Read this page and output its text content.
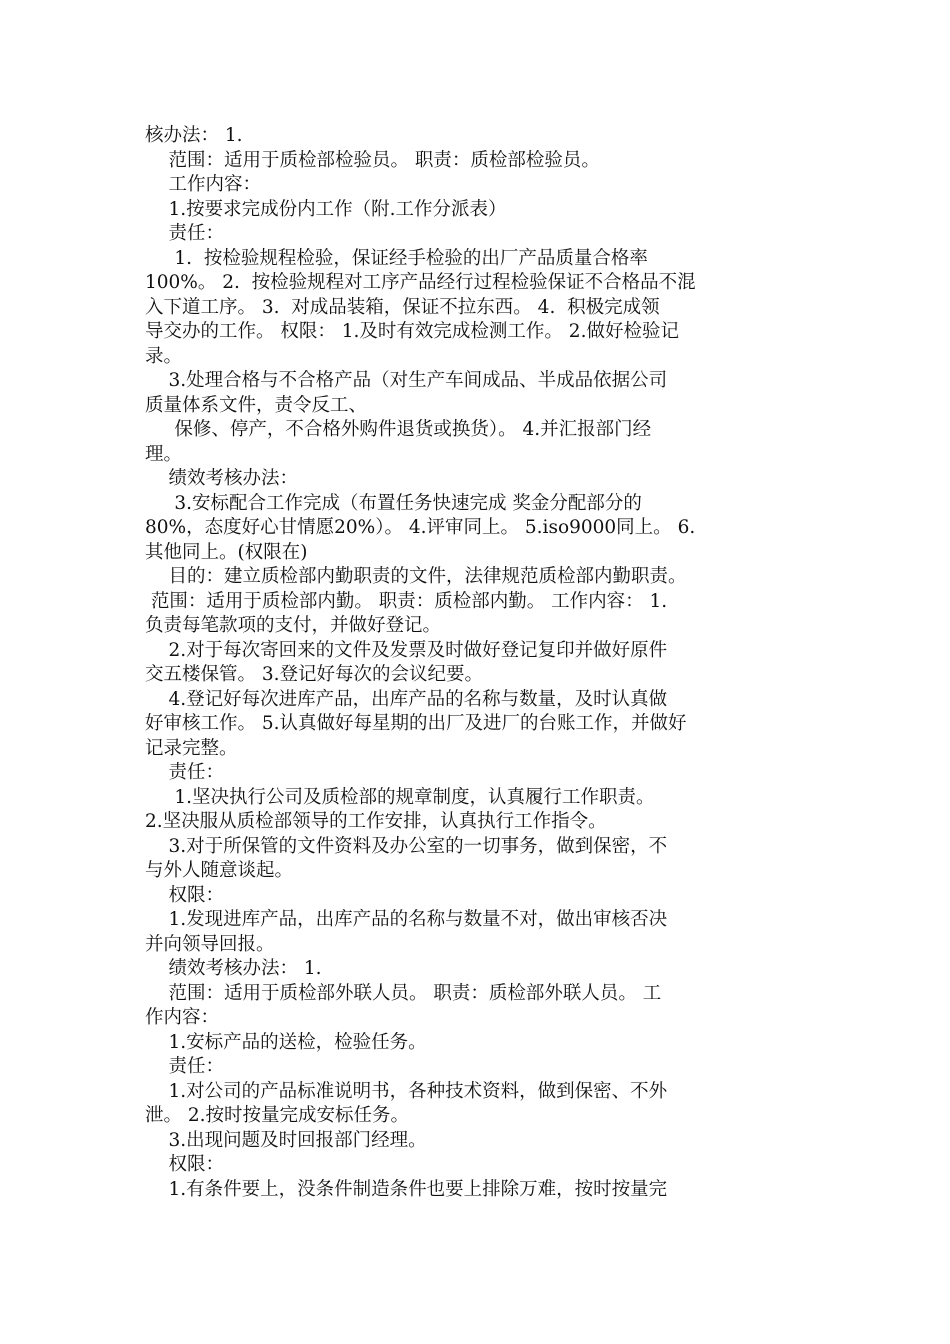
核办法： 1.
范围：适用于质检部检验员。 职责：质检部检验员。
工作内容：
1.按要求完成份内工作（附.工作分派表）
责任：
1.  按检验规程检验，保证经手检验的出厂产品质量合格率
100%。 2.  按检验规程对工序产品经行过程检验保证不合格品不混
入下道工序。 3.  对成品装箱，保证不拉东西。 4.  积极完成领
导交办的工作。 权限： 1.及时有效完成检测工作。 2.做好检验记
录。
3.处理合格与不合格产品（对生产车间成品、半成品依据公司
质量体系文件，责令反工、
保修、停产，不合格外购件退货或换货）。 4.并汇报部门经
理。
绩效考核办法：
3.安标配合工作完成（布置任务快速完成 奖金分配部分的
80%，态度好心甘情愿20%）。 4.评审同上。 5.iso9000同上。 6.
其他同上。(权限在)
目的：建立质检部内勤职责的文件，法律规范质检部内勤职责。
范围：适用于质检部内勤。 职责：质检部内勤。 工作内容： 1.
负责每笔款项的支付，并做好登记。
2.对于每次寄回来的文件及发票及时做好登记复印并做好原件
交五楼保管。 3.登记好每次的会议纪要。
4.登记好每次进库产品，出库产品的名称与数量，及时认真做
好审核工作。 5.认真做好每星期的出厂及进厂的台账工作，并做好
记录完整。
责任：
1.坚决执行公司及质检部的规章制度，认真履行工作职责。
2.坚决服从质检部领导的工作安排，认真执行工作指令。
3.对于所保管的文件资料及办公室的一切事务，做到保密，不
与外人随意谈起。
权限：
1.发现进库产品，出库产品的名称与数量不对，做出审核否决
并向领导回报。
绩效考核办法： 1.
范围：适用于质检部外联人员。 职责：质检部外联人员。 工
作内容：
1.安标产品的送检，检验任务。
责任：
1.对公司的产品标准说明书，各种技术资料，做到保密、不外
泄。 2.按时按量完成安标任务。
3.出现问题及时回报部门经理。
权限：
1.有条件要上，没条件制造条件也要上排除万难，按时按量完
